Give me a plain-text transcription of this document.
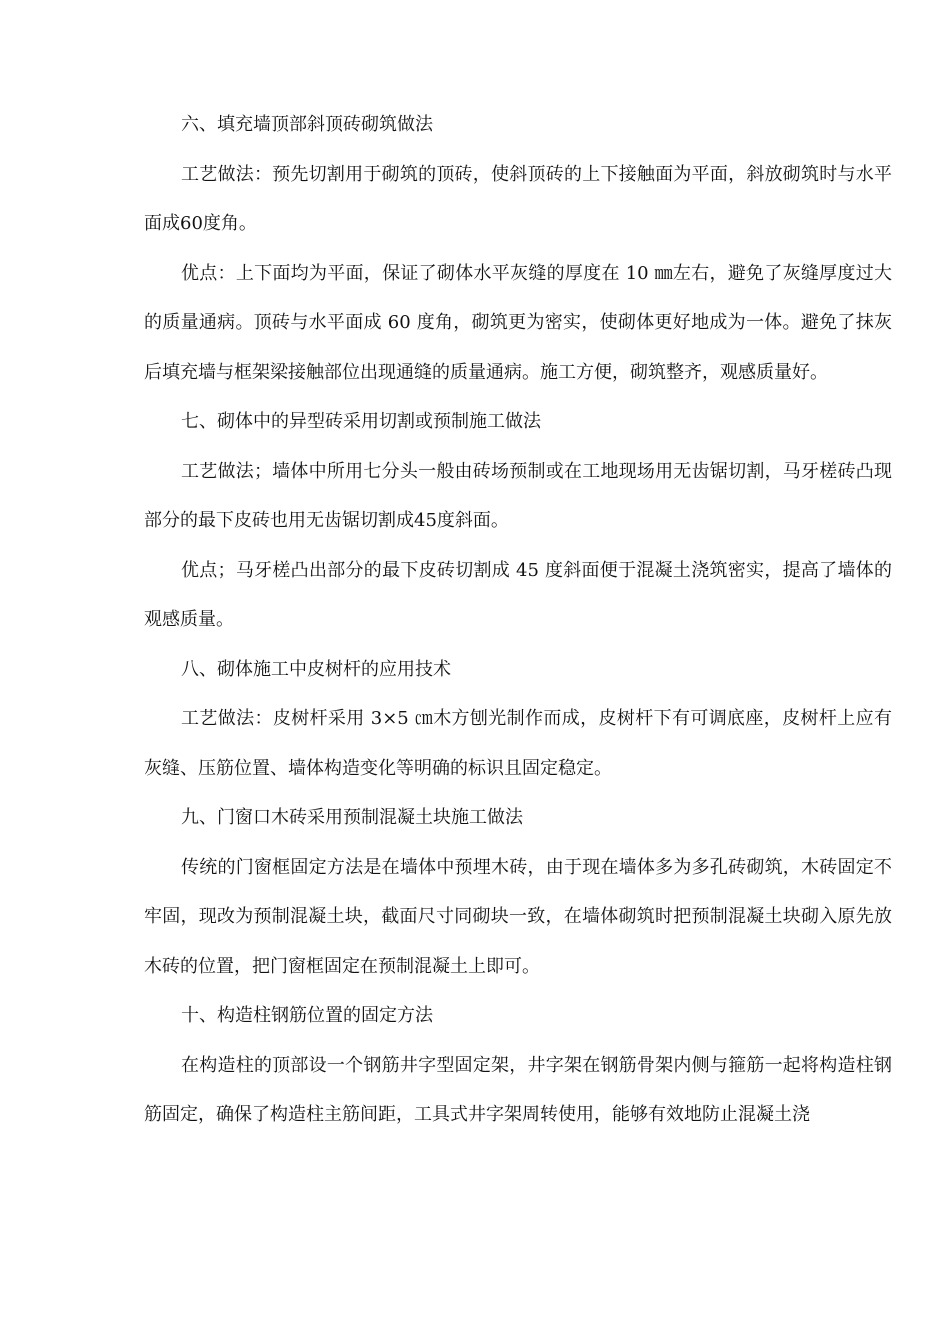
六、填充墙顶部斜顶砖砌筑做法

工艺做法：预先切割用于砌筑的顶砖，使斜顶砖的上下接触面为平面，斜放砌筑时与水平面成60度角。

优点：上下面均为平面，保证了砌体水平灰缝的厚度在 10 ㎜左右，避免了灰缝厚度过大的质量通病。顶砖与水平面成 60 度角，砌筑更为密实，使砌体更好地成为一体。避免了抹灰后填充墙与框架梁接触部位出现通缝的质量通病。施工方便，砌筑整齐，观感质量好。

七、砌体中的异型砖采用切割或预制施工做法

工艺做法；墙体中所用七分头一般由砖场预制或在工地现场用无齿锯切割，马牙槎砖凸现部分的最下皮砖也用无齿锯切割成45度斜面。

优点；马牙槎凸出部分的最下皮砖切割成 45 度斜面便于混凝土浇筑密实，提高了墙体的观感质量。

八、砌体施工中皮树杆的应用技术

工艺做法：皮树杆采用 3×5 ㎝木方刨光制作而成，皮树杆下有可调底座，皮树杆上应有灰缝、压筋位置、墙体构造变化等明确的标识且固定稳定。

九、门窗口木砖采用预制混凝土块施工做法

传统的门窗框固定方法是在墙体中预埋木砖，由于现在墙体多为多孔砖砌筑，木砖固定不牢固，现改为预制混凝土块，截面尺寸同砌块一致，在墙体砌筑时把预制混凝土块砌入原先放木砖的位置，把门窗框固定在预制混凝土上即可。

十、构造柱钢筋位置的固定方法

在构造柱的顶部设一个钢筋井字型固定架，井字架在钢筋骨架内侧与箍筋一起将构造柱钢筋固定，确保了构造柱主筋间距，工具式井字架周转使用，能够有效地防止混凝土浇
